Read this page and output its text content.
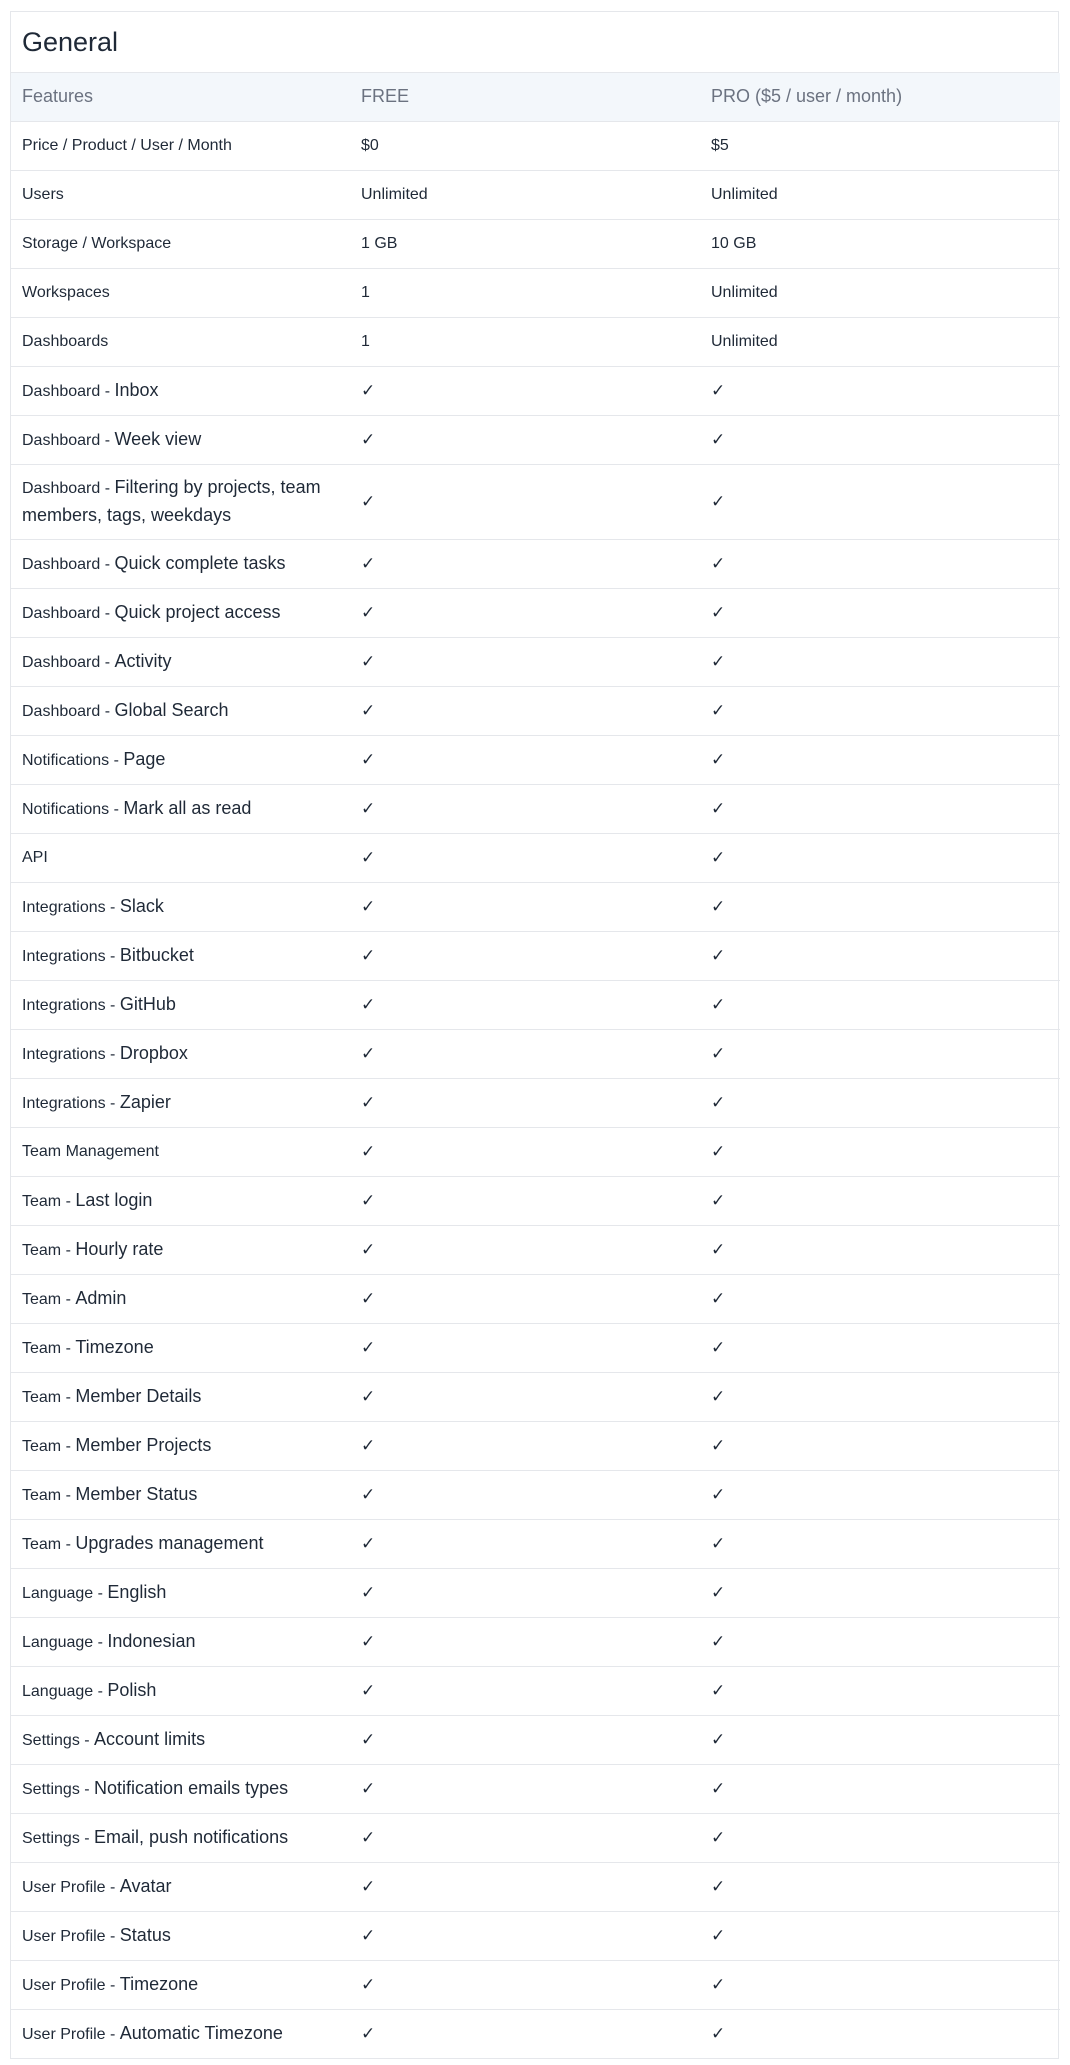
General
Features	FREE	PRO ($5 / user / month)
Price / Product / User / Month	$0	$5
Users	Unlimited	Unlimited
Storage / Workspace	1 GB	10 GB
Workspaces	1	Unlimited
Dashboards	1	Unlimited
Dashboard - Inbox	✓	✓
Dashboard - Week view	✓	✓
Dashboard - Filtering by projects, team members, tags, weekdays	✓	✓
Dashboard - Quick complete tasks	✓	✓
Dashboard - Quick project access	✓	✓
Dashboard - Activity	✓	✓
Dashboard - Global Search	✓	✓
Notifications - Page	✓	✓
Notifications - Mark all as read	✓	✓
API	✓	✓
Integrations - Slack	✓	✓
Integrations - Bitbucket	✓	✓
Integrations - GitHub	✓	✓
Integrations - Dropbox	✓	✓
Integrations - Zapier	✓	✓
Team Management	✓	✓
Team - Last login	✓	✓
Team - Hourly rate	✓	✓
Team - Admin	✓	✓
Team - Timezone	✓	✓
Team - Member Details	✓	✓
Team - Member Projects	✓	✓
Team - Member Status	✓	✓
Team - Upgrades management	✓	✓
Language - English	✓	✓
Language - Indonesian	✓	✓
Language - Polish	✓	✓
Settings - Account limits	✓	✓
Settings - Notification emails types	✓	✓
Settings - Email, push notifications	✓	✓
User Profile - Avatar	✓	✓
User Profile - Status	✓	✓
User Profile - Timezone	✓	✓
User Profile - Automatic Timezone	✓	✓
